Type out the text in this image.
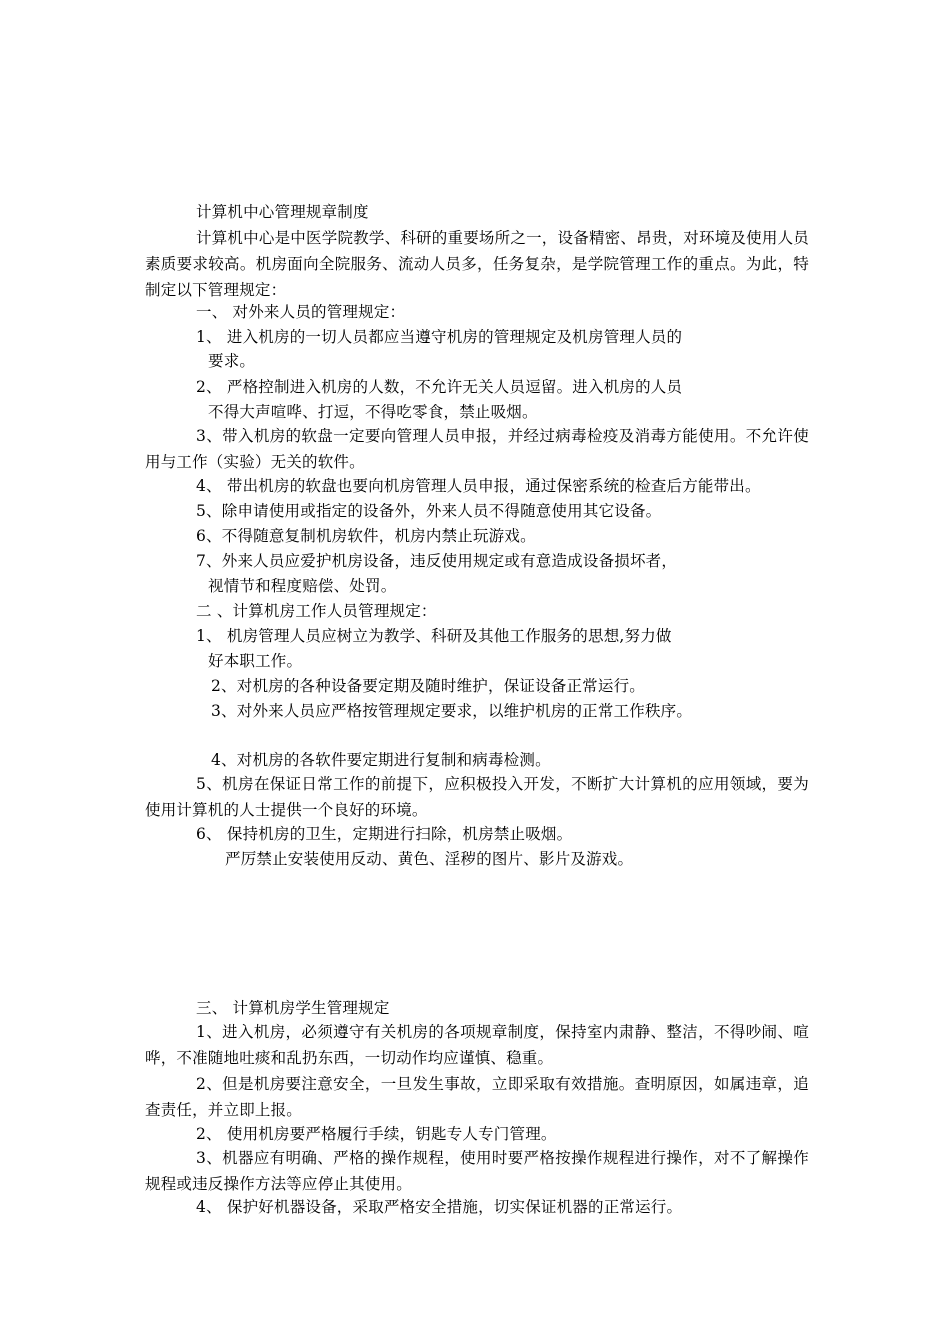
计算机中心管理规章制度
计算机中心是中医学院教学、科研的重要场所之一，设备精密、昂贵，对环境及使用人员素质要求较高。机房面向全院服务、流动人员多，任务复杂，是学院管理工作的重点。为此，特制定以下管理规定：
一、 对外来人员的管理规定：
1、 进入机房的一切人员都应当遵守机房的管理规定及机房管理人员的
要求。
2、 严格控制进入机房的人数，不允许无关人员逗留。进入机房的人员
不得大声喧哗、打逗，不得吃零食，禁止吸烟。
3、带入机房的软盘一定要向管理人员申报，并经过病毒检疫及消毒方能使用。不允许使用与工作（实验）无关的软件。
4、 带出机房的软盘也要向机房管理人员申报，通过保密系统的检查后方能带出。
5、除申请使用或指定的设备外，外来人员不得随意使用其它设备。
6、不得随意复制机房软件，机房内禁止玩游戏。
7、外来人员应爱护机房设备，违反使用规定或有意造成设备损坏者，
视情节和程度赔偿、处罚。
二 、计算机房工作人员管理规定：
1、 机房管理人员应树立为教学、科研及其他工作服务的思想,努力做
好本职工作。
2、对机房的各种设备要定期及随时维护，保证设备正常运行。
3、对外来人员应严格按管理规定要求，以维护机房的正常工作秩序。
4、对机房的各软件要定期进行复制和病毒检测。
5、机房在保证日常工作的前提下，应积极投入开发，不断扩大计算机的应用领域，要为使用计算机的人士提供一个良好的环境。
6、 保持机房的卫生，定期进行扫除，机房禁止吸烟。
严厉禁止安装使用反动、黄色、淫秽的图片、影片及游戏。
三、 计算机房学生管理规定
1、进入机房，必须遵守有关机房的各项规章制度，保持室内肃静、整洁，不得吵闹、喧哗，不准随地吐痰和乱扔东西，一切动作均应谨慎、稳重。
2、但是机房要注意安全，一旦发生事故，立即采取有效措施。查明原因，如属违章，追查责任，并立即上报。
2、 使用机房要严格履行手续，钥匙专人专门管理。
3、机器应有明确、严格的操作规程，使用时要严格按操作规程进行操作，对不了解操作规程或违反操作方法等应停止其使用。
4、 保护好机器设备，采取严格安全措施，切实保证机器的正常运行。
